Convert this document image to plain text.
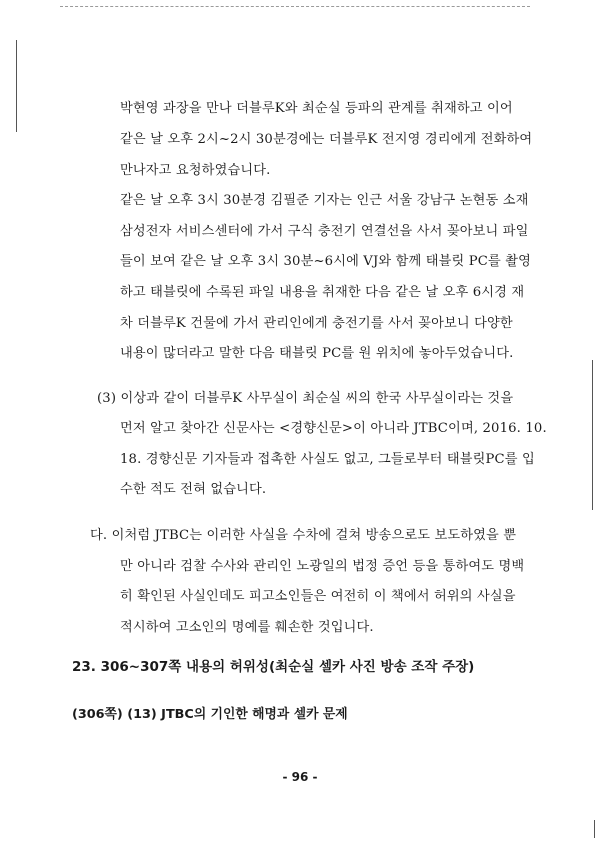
박현영 과장을 만나 더블루K와 최순실 등파의 관계를 취재하고 이어
같은 날 오후 2시~2시 30분경에는 더블루K 전지영 경리에게 전화하여
만나자고 요청하였습니다.
같은 날 오후 3시 30분경 김필준 기자는 인근 서울 강남구 논현동 소재
삼성전자 서비스센터에 가서 구식 충전기 연결선을 사서 꽂아보니 파일
들이 보여 같은 날 오후 3시 30분~6시에 VJ와 함께 태블릿 PC를 촬영
하고 태블릿에 수록된 파일 내용을 취재한 다음 같은 날 오후 6시경 재
차 더블루K 건물에 가서 관리인에게 충전기를 사서 꽂아보니 다양한
내용이 많더라고 말한 다음 태블릿 PC를 원 위치에 놓아두었습니다.
(3) 이상과 같이 더블루K 사무실이 최순실 씨의 한국 사무실이라는 것을
먼저 알고 찾아간 신문사는 <경향신문>이 아니라 JTBC이며, 2016. 10.
18. 경향신문 기자들과 접촉한 사실도 없고, 그들로부터 태블릿PC를 입
수한 적도 전혀 없습니다.
다. 이처럼 JTBC는 이러한 사실을 수차에 걸쳐 방송으로도 보도하였을 뿐
만 아니라 검찰 수사와 관리인 노광일의 법정 증언 등을 통하여도 명백
히 확인된 사실인데도 피고소인들은 여전히 이 책에서 허위의 사실을
적시하여 고소인의 명예를 훼손한 것입니다.
23. 306~307쪽 내용의 허위성(최순실 셀카 사진 방송 조작 주장)
(306쪽) (13) JTBC의 기인한 해명과 셀카 문제
- 96 -
